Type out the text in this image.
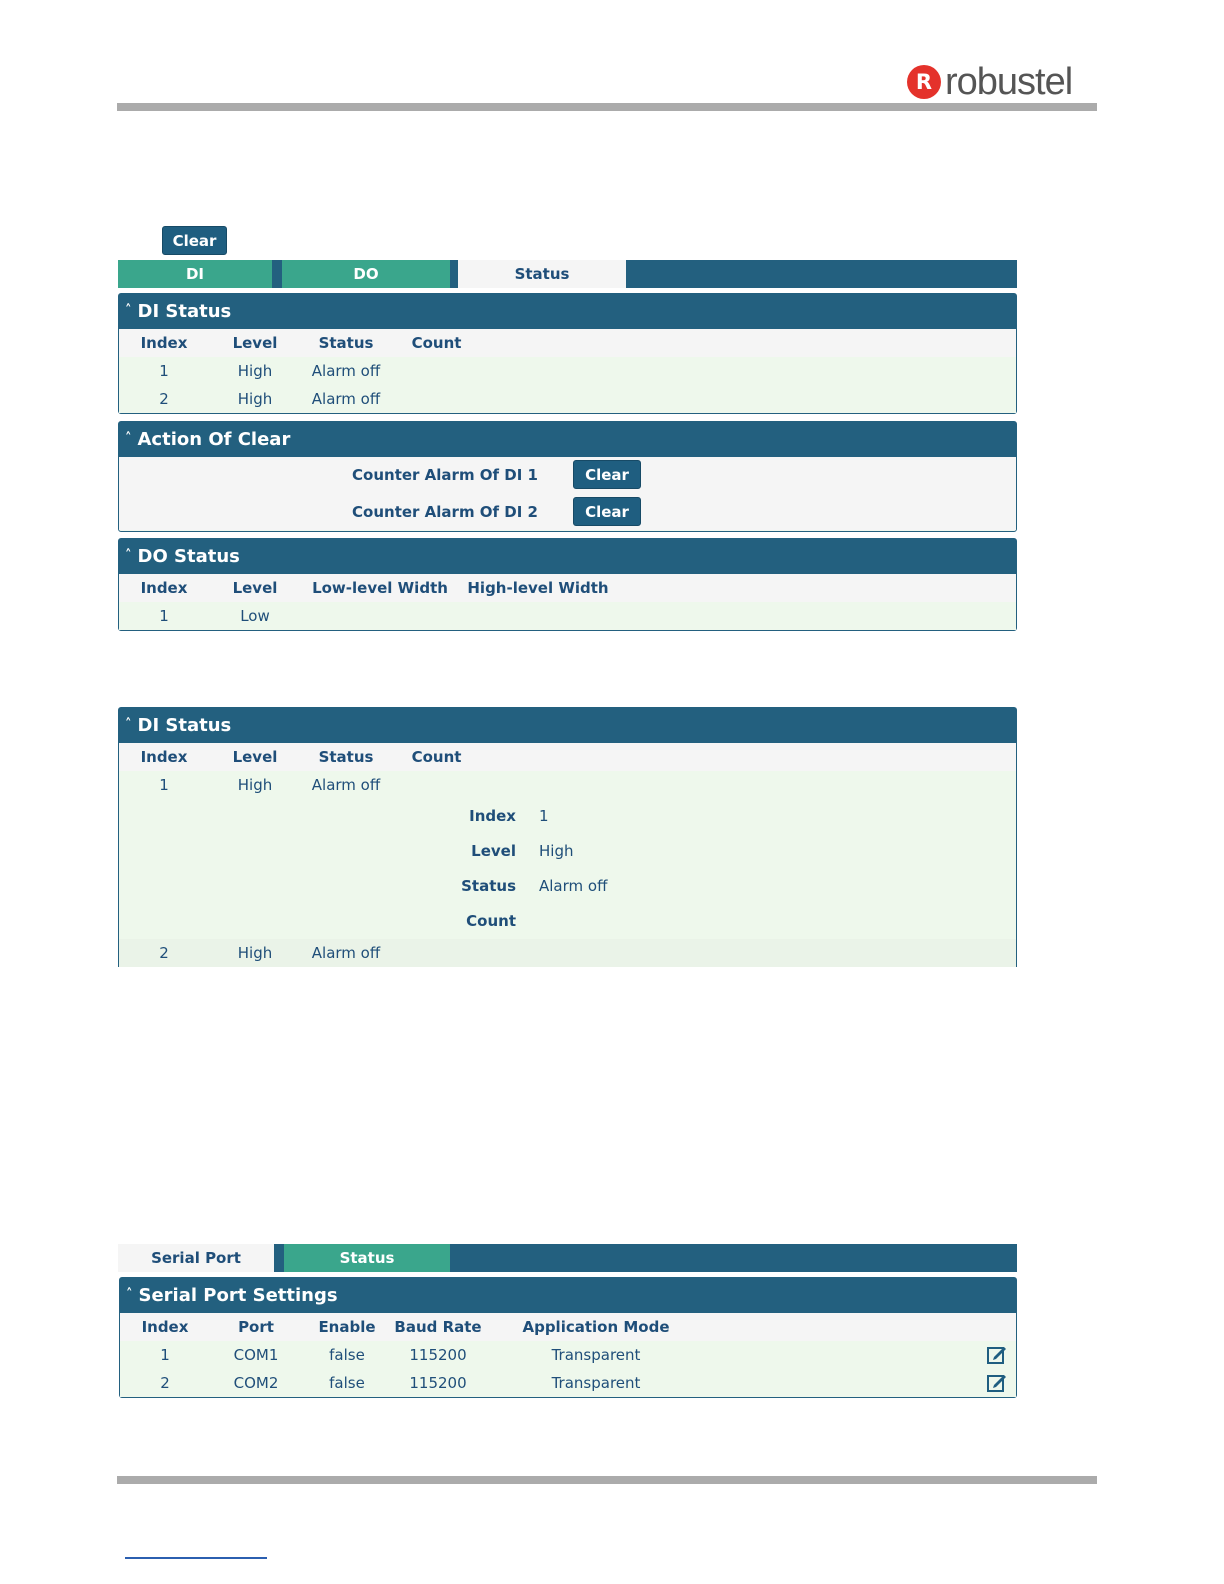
R robustel
Clear
DI	DO	Status
˄ DI Status
Index	Level	Status	Count
1	High	Alarm off
2	High	Alarm off
˄ Action Of Clear
Counter Alarm Of DI 1	Clear
Counter Alarm Of DI 2	Clear
˄ DO Status
Index	Level	Low-level Width	High-level Width
1	Low
˄ DI Status
Index	Level	Status	Count
1	High	Alarm off
Index 1
Level High
Status Alarm off
Count
2	High	Alarm off
Serial Port	Status
˄ Serial Port Settings
Index	Port	Enable	Baud Rate	Application Mode
1	COM1	false	115200	Transparent
2	COM2	false	115200	Transparent
